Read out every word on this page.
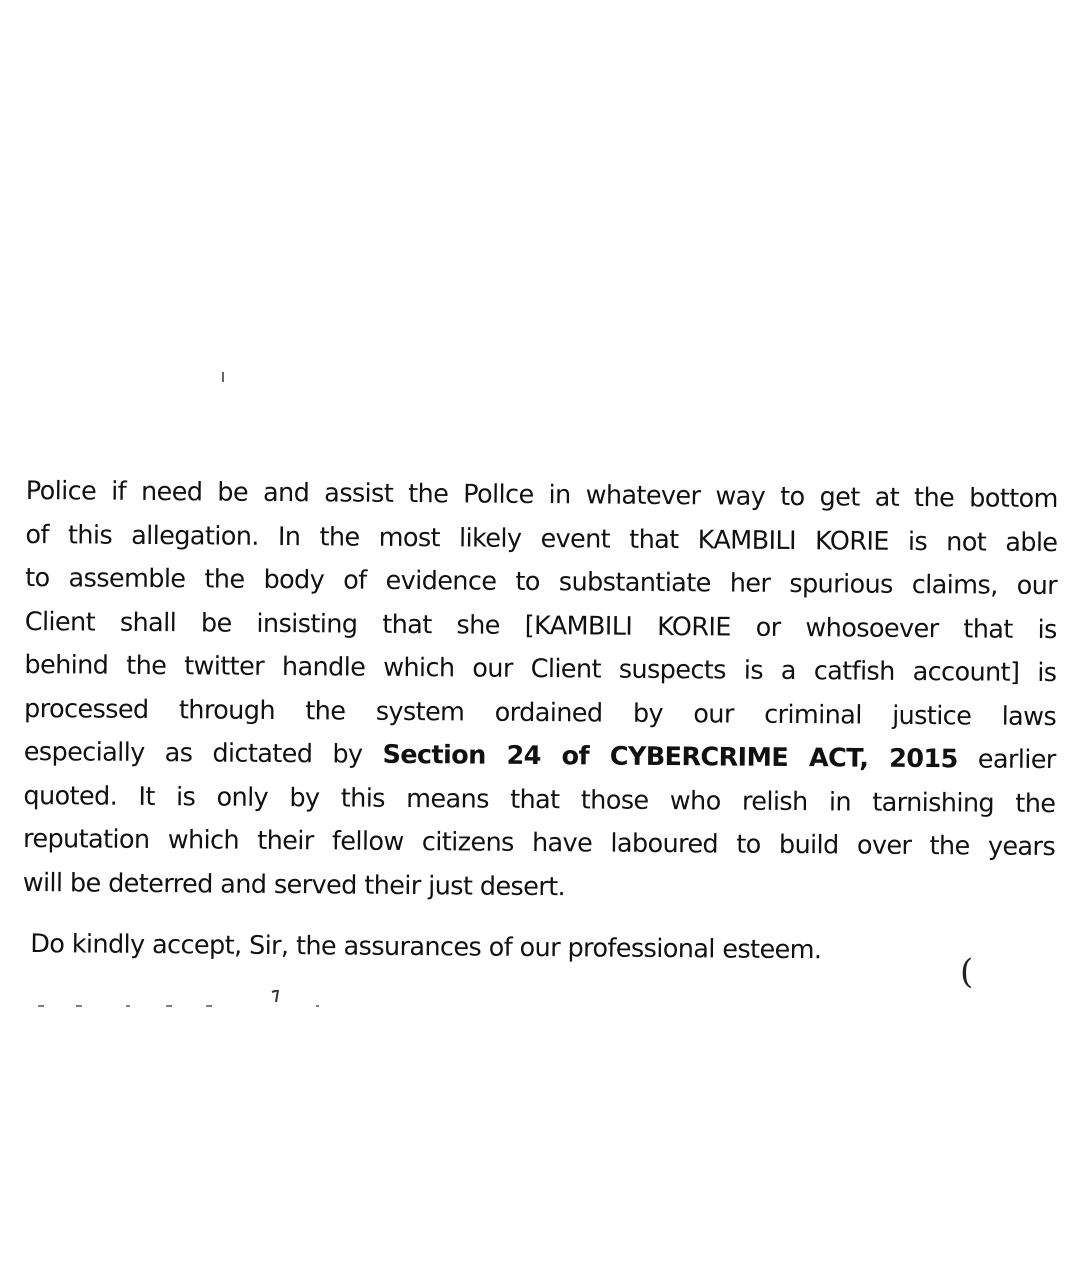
Police if need be and assist the Pollce in whatever way to get at the bottom
of this allegation. In the most likely event that KAMBILI KORIE is not able
to assemble the body of evidence to substantiate her spurious claims, our
Client shall be insisting that she [KAMBILI KORIE or whosoever that is
behind the twitter handle which our Client suspects is a catfish account] is
processed through the system ordained by our criminal justice laws
especially as dictated by Section 24 of CYBERCRIME ACT, 2015 earlier
quoted. It is only by this means that those who relish in tarnishing the
reputation which their fellow citizens have laboured to build over the years
will be deterred and served their just desert.
Do kindly accept, Sir, the assurances of our professional esteem.
(
